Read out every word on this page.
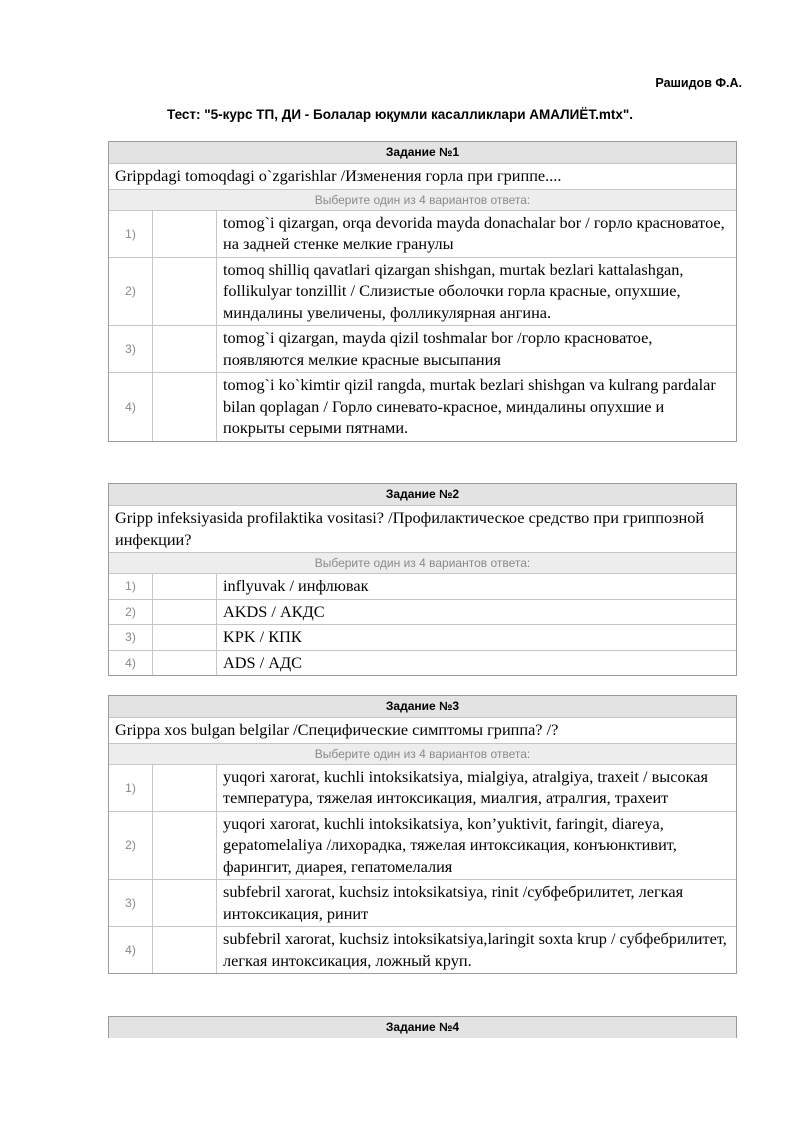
Рашидов Ф.А.
Тест: "5-курс ТП, ДИ - Болалар юқумли касалликлари АМАЛИЁТ.mtx".
Задание №1
Grippdagi tomoqdagi o`zgarishlar /Изменения горла при гриппе....
Выберите один из 4 вариантов ответа:
1)
tomog`i qizargan, orqa devorida mayda donachalar bor / горло красноватое, на задней стенке мелкие гранулы
2)
tomoq shilliq qavatlari qizargan shishgan, murtak bezlari kattalashgan, follikulyar tonzillit / Слизистые оболочки горла красные, опухшие, миндалины увеличены, фолликулярная ангина.
3)
tomog`i qizargan, mayda qizil toshmalar bor /горло красноватое, появляются мелкие красные высыпания
4)
tomog`i ko`kimtir qizil rangda, murtak bezlari shishgan va kulrang pardalar bilan qoplagan / Горло синевато-красное, миндалины опухшие и покрыты серыми пятнами.
Задание №2
Gripp infeksiyasida profilaktika vositasi? /Профилактическое средство при гриппозной инфекции?
Выберите один из 4 вариантов ответа:
1)	inflyuvak / инфлювак
2)	AKDS / АКДС
3)	KPK / КПК
4)	ADS / АДС
Задание №3
Grippa xos bulgan belgilar /Специфические симптомы гриппа? /?
Выберите один из 4 вариантов ответа:
1)
yuqori xarorat, kuchli intoksikatsiya, mialgiya, atralgiya, traxeit / высокая температура, тяжелая интоксикация, миалгия, атралгия, трахеит
2)
yuqori xarorat, kuchli intoksikatsiya, kon’yuktivit, faringit, diareya, gepatomelaliya /лихорадка, тяжелая интоксикация, конъюнктивит, фарингит, диарея, гепатомелалия
3)
subfebril xarorat, kuchsiz intoksikatsiya, rinit /субфебрилитет, легкая интоксикация, ринит
4)
subfebril xarorat, kuchsiz intoksikatsiya,laringit soxta krup / субфебрилитет, легкая интоксикация, ложный круп.
Задание №4
